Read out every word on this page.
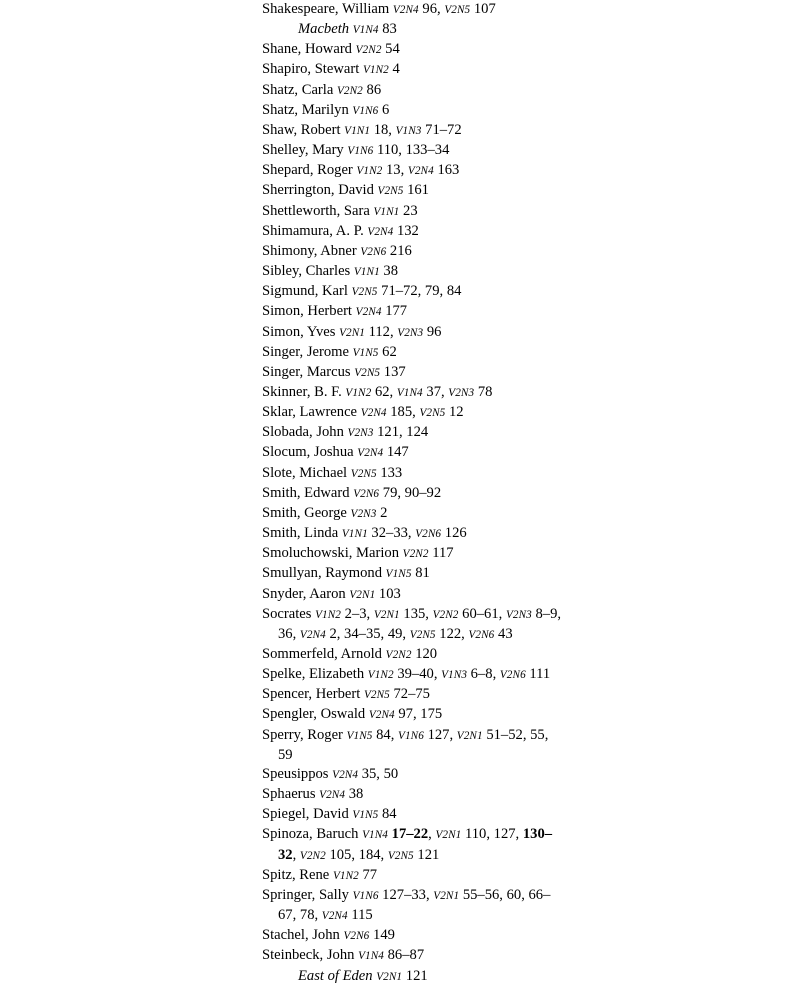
Shakespeare, William V2N4 96, V2N5 107

Macbeth V1N4 83

Shane, Howard V2N2 54

Shapiro, Stewart V1N2 4

Shatz, Carla V2N2 86

Shatz, Marilyn V1N6 6

Shaw, Robert V1N1 18, V1N3 71–72

Shelley, Mary V1N6 110, 133–34

Shepard, Roger V1N2 13, V2N4 163

Sherrington, David V2N5 161

Shettleworth, Sara V1N1 23

Shimamura, A. P. V2N4 132

Shimony, Abner V2N6 216

Sibley, Charles V1N1 38

Sigmund, Karl V2N5 71–72, 79, 84

Simon, Herbert V2N4 177

Simon, Yves V2N1 112, V2N3 96

Singer, Jerome V1N5 62

Singer, Marcus V2N5 137

Skinner, B. F. V1N2 62, V1N4 37, V2N3 78

Sklar, Lawrence V2N4 185, V2N5 12

Slobada, John V2N3 121, 124

Slocum, Joshua V2N4 147

Slote, Michael V2N5 133

Smith, Edward V2N6 79, 90–92

Smith, George V2N3 2

Smith, Linda V1N1 32–33, V2N6 126

Smoluchowski, Marion V2N2 117

Smullyan, Raymond V1N5 81

Snyder, Aaron V2N1 103

Socrates V1N2 2–3, V2N1 135, V2N2 60–61, V2N3 8–9, 36, V2N4 2, 34–35, 49, V2N5 122, V2N6 43

Sommerfeld, Arnold V2N2 120

Spelke, Elizabeth V1N2 39–40, V1N3 6–8, V2N6 111

Spencer, Herbert V2N5 72–75

Spengler, Oswald V2N4 97, 175

Sperry, Roger V1N5 84, V1N6 127, V2N1 51–52, 55, 59

Speusippos V2N4 35, 50

Sphaerus V2N4 38

Spiegel, David V1N5 84

Spinoza, Baruch V1N4 17–22, V2N1 110, 127, 130–32, V2N2 105, 184, V2N5 121

Spitz, Rene V1N2 77

Springer, Sally V1N6 127–33, V2N1 55–56, 60, 66–67, 78, V2N4 115

Stachel, John V2N6 149

Steinbeck, John V1N4 86–87

East of Eden V2N1 121
